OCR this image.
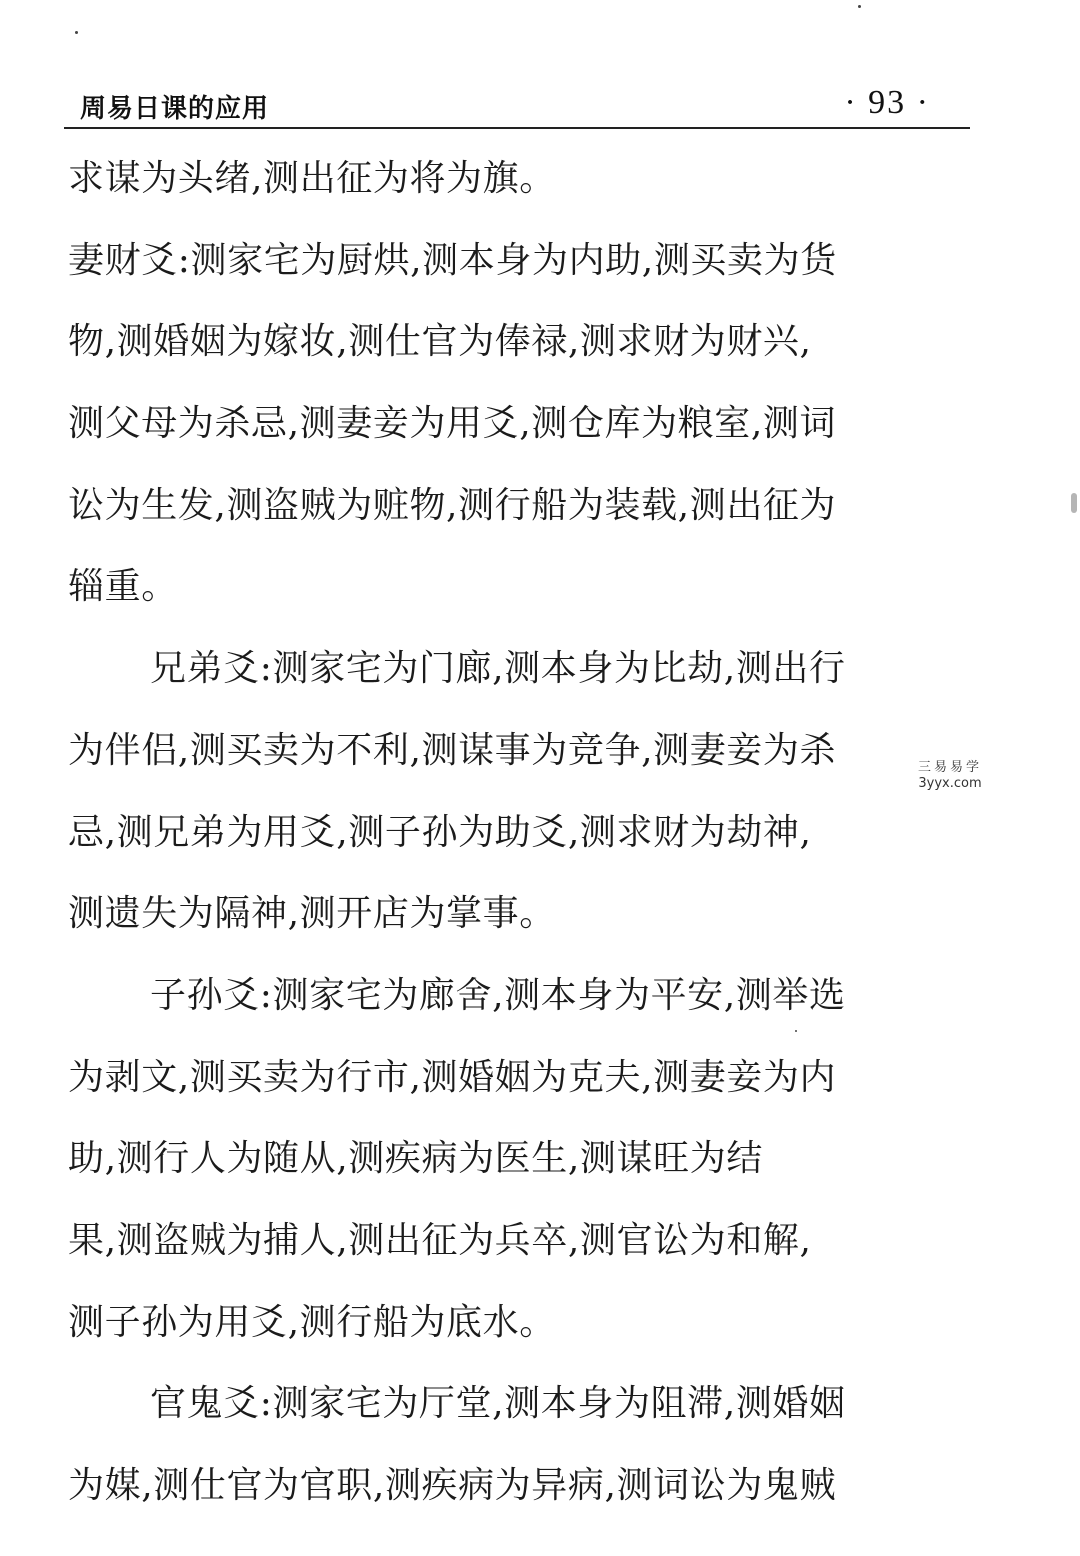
周易日课的应用	· 93 ·
求谋为头绪,测出征为将为旗。
妻财爻:测家宅为厨烘,测本身为内助,测买卖为货
物,测婚姻为嫁妆,测仕官为俸禄,测求财为财兴,
测父母为杀忌,测妻妾为用爻,测仓库为粮室,测词
讼为生发,测盗贼为赃物,测行船为装载,测出征为
辎重。
兄弟爻:测家宅为门廊,测本身为比劫,测出行
为伴侣,测买卖为不利,测谋事为竞争,测妻妾为杀
忌,测兄弟为用爻,测子孙为助爻,测求财为劫神,
测遗失为隔神,测开店为掌事。
子孙爻:测家宅为廊舍,测本身为平安,测举选
为剥文,测买卖为行市,测婚姻为克夫,测妻妾为内
助,测行人为随从,测疾病为医生,测谋旺为结
果,测盗贼为捕人,测出征为兵卒,测官讼为和解,
测子孙为用爻,测行船为底水。
官鬼爻:测家宅为厅堂,测本身为阻滞,测婚姻
为媒,测仕官为官职,测疾病为异病,测词讼为鬼贼
三易易学
3yyx.com
